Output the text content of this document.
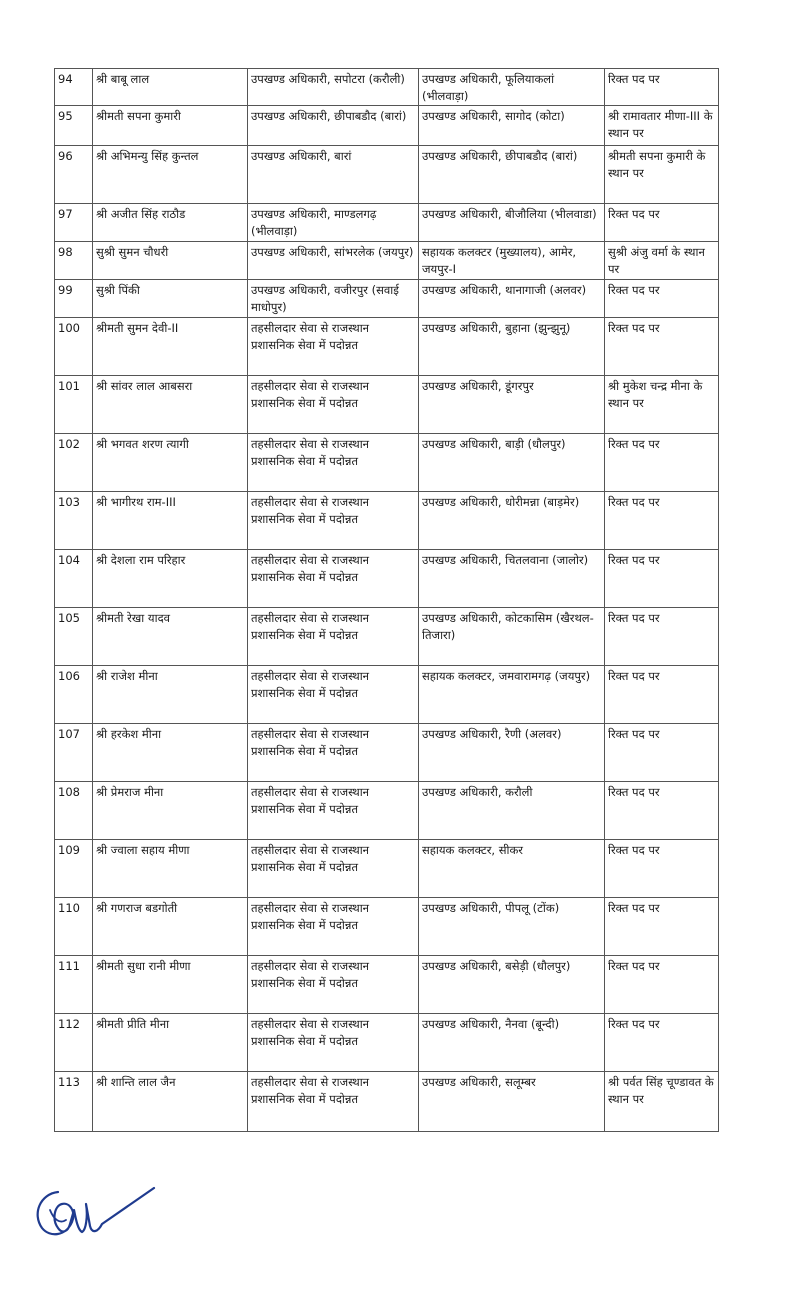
94	श्री बाबू लाल	उपखण्ड अधिकारी, सपोटरा (करौली)	उपखण्ड अधिकारी, फूलियाकलां (भीलवाड़ा)	रिक्त पद पर
95	श्रीमती सपना कुमारी	उपखण्ड अधिकारी, छीपाबडौद (बारां)	उपखण्ड अधिकारी, सागोद (कोटा)	श्री रामावतार मीणा-III के स्थान पर
96	श्री अभिमन्यु सिंह कुन्तल	उपखण्ड अधिकारी, बारां	उपखण्ड अधिकारी, छीपाबडौद (बारां)	श्रीमती सपना कुमारी के स्थान पर
97	श्री अजीत सिंह राठौड	उपखण्ड अधिकारी, माण्डलगढ़ (भीलवाड़ा)	उपखण्ड अधिकारी, बीजौलिया (भीलवाडा)	रिक्त पद पर
98	सुश्री सुमन चौधरी	उपखण्ड अधिकारी, सांभरलेक (जयपुर)	सहायक कलक्टर (मुख्यालय), आमेर, जयपुर-I	सुश्री अंजु वर्मा के स्थान पर
99	सुश्री पिंकी	उपखण्ड अधिकारी, वजीरपुर (सवाई माधोपुर)	उपखण्ड अधिकारी, थानागाजी (अलवर)	रिक्त पद पर
100	श्रीमती सुमन देवी-II	तहसीलदार सेवा से राजस्थान प्रशासनिक सेवा में पदोन्नत	उपखण्ड अधिकारी, बुहाना (झुन्झुनू)	रिक्त पद पर
101	श्री सांवर लाल आबसरा	तहसीलदार सेवा से राजस्थान प्रशासनिक सेवा में पदोन्नत	उपखण्ड अधिकारी, डूंगरपुर	श्री मुकेश चन्द्र मीना के स्थान पर
102	श्री भगवत शरण त्यागी	तहसीलदार सेवा से राजस्थान प्रशासनिक सेवा में पदोन्नत	उपखण्ड अधिकारी, बाड़ी (धौलपुर)	रिक्त पद पर
103	श्री भागीरथ राम-III	तहसीलदार सेवा से राजस्थान प्रशासनिक सेवा में पदोन्नत	उपखण्ड अधिकारी, धोरीमन्ना (बाड़मेर)	रिक्त पद पर
104	श्री देशला राम परिहार	तहसीलदार सेवा से राजस्थान प्रशासनिक सेवा में पदोन्नत	उपखण्ड अधिकारी, चितलवाना (जालोर)	रिक्त पद पर
105	श्रीमती रेखा यादव	तहसीलदार सेवा से राजस्थान प्रशासनिक सेवा में पदोन्नत	उपखण्ड अधिकारी, कोटकासिम (खैरथल-तिजारा)	रिक्त पद पर
106	श्री राजेश मीना	तहसीलदार सेवा से राजस्थान प्रशासनिक सेवा में पदोन्नत	सहायक कलक्टर, जमवारामगढ़ (जयपुर)	रिक्त पद पर
107	श्री हरकेश मीना	तहसीलदार सेवा से राजस्थान प्रशासनिक सेवा में पदोन्नत	उपखण्ड अधिकारी, रैणी (अलवर)	रिक्त पद पर
108	श्री प्रेमराज मीना	तहसीलदार सेवा से राजस्थान प्रशासनिक सेवा में पदोन्नत	उपखण्ड अधिकारी, करौली	रिक्त पद पर
109	श्री ज्वाला सहाय मीणा	तहसीलदार सेवा से राजस्थान प्रशासनिक सेवा में पदोन्नत	सहायक कलक्टर, सीकर	रिक्त पद पर
110	श्री गणराज बडगोती	तहसीलदार सेवा से राजस्थान प्रशासनिक सेवा में पदोन्नत	उपखण्ड अधिकारी, पीपलू (टोंक)	रिक्त पद पर
111	श्रीमती सुधा रानी मीणा	तहसीलदार सेवा से राजस्थान प्रशासनिक सेवा में पदोन्नत	उपखण्ड अधिकारी, बसेड़ी (धौलपुर)	रिक्त पद पर
112	श्रीमती प्रीति मीना	तहसीलदार सेवा से राजस्थान प्रशासनिक सेवा में पदोन्नत	उपखण्ड अधिकारी, नैनवा (बून्दी)	रिक्त पद पर
113	श्री शान्ति लाल जैन	तहसीलदार सेवा से राजस्थान प्रशासनिक सेवा में पदोन्नत	उपखण्ड अधिकारी, सलूम्बर	श्री पर्वत सिंह चूण्डावत के स्थान पर
